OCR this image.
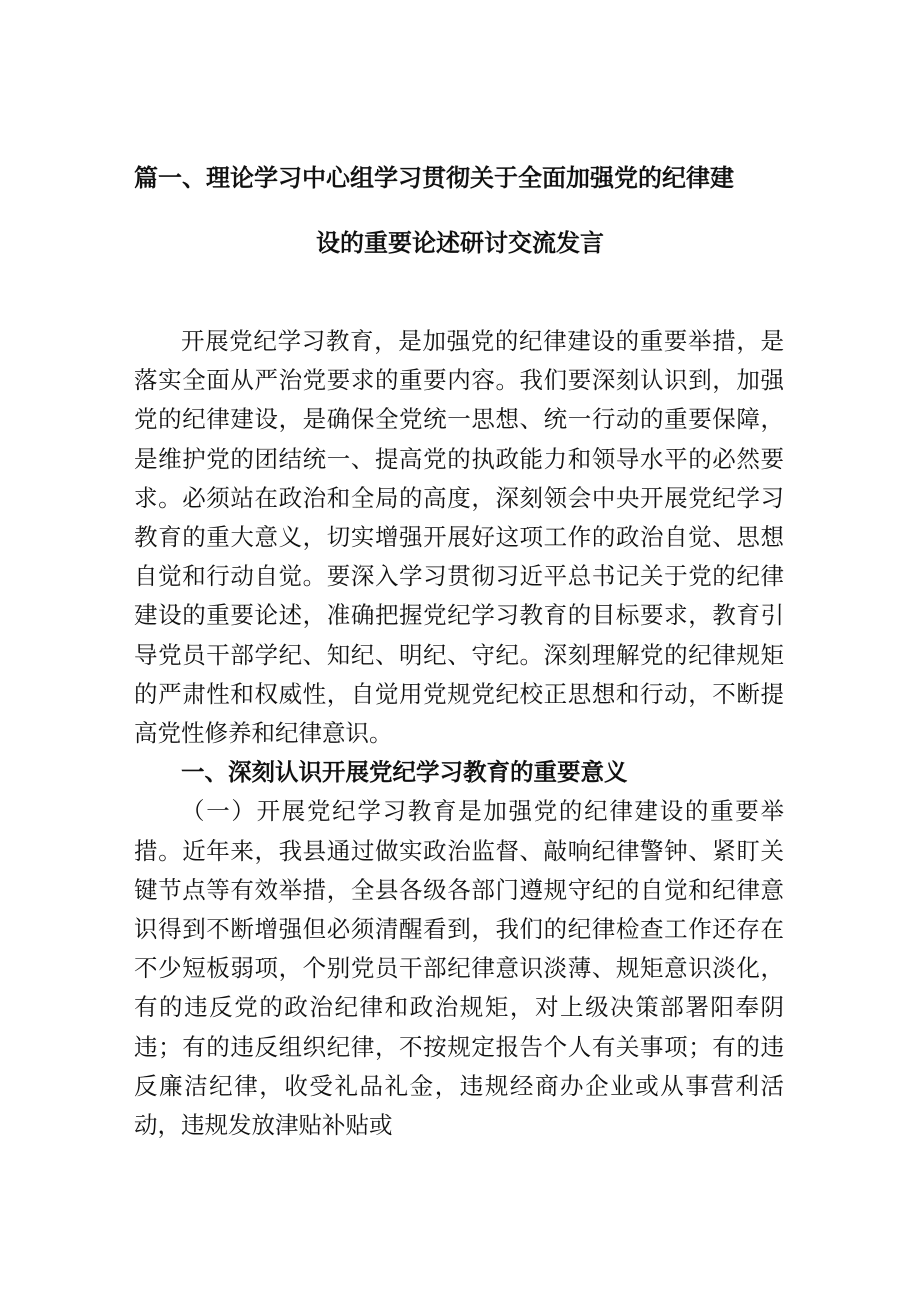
篇一、理论学习中心组学习贯彻关于全面加强党的纪律建
设的重要论述研讨交流发言

开展党纪学习教育，是加强党的纪律建设的重要举措，是落实全面从严治党要求的重要内容。我们要深刻认识到，加强党的纪律建设，是确保全党统一思想、统一行动的重要保障，是维护党的团结统一、提高党的执政能力和领导水平的必然要求。必须站在政治和全局的高度，深刻领会中央开展党纪学习教育的重大意义，切实增强开展好这项工作的政治自觉、思想自觉和行动自觉。要深入学习贯彻习近平总书记关于党的纪律建设的重要论述，准确把握党纪学习教育的目标要求，教育引导党员干部学纪、知纪、明纪、守纪。深刻理解党的纪律规矩的严肃性和权威性，自觉用党规党纪校正思想和行动，不断提高党性修养和纪律意识。

一、深刻认识开展党纪学习教育的重要意义

（一）开展党纪学习教育是加强党的纪律建设的重要举措。近年来，我县通过做实政治监督、敲响纪律警钟、紧盯关键节点等有效举措，全县各级各部门遵规守纪的自觉和纪律意识得到不断增强但必须清醒看到，我们的纪律检查工作还存在不少短板弱项，个别党员干部纪律意识淡薄、规矩意识淡化，有的违反党的政治纪律和政治规矩，对上级决策部署阳奉阴违；有的违反组织纪律，不按规定报告个人有关事项；有的违反廉洁纪律，收受礼品礼金，违规经商办企业或从事营利活动，违规发放津贴补贴或
